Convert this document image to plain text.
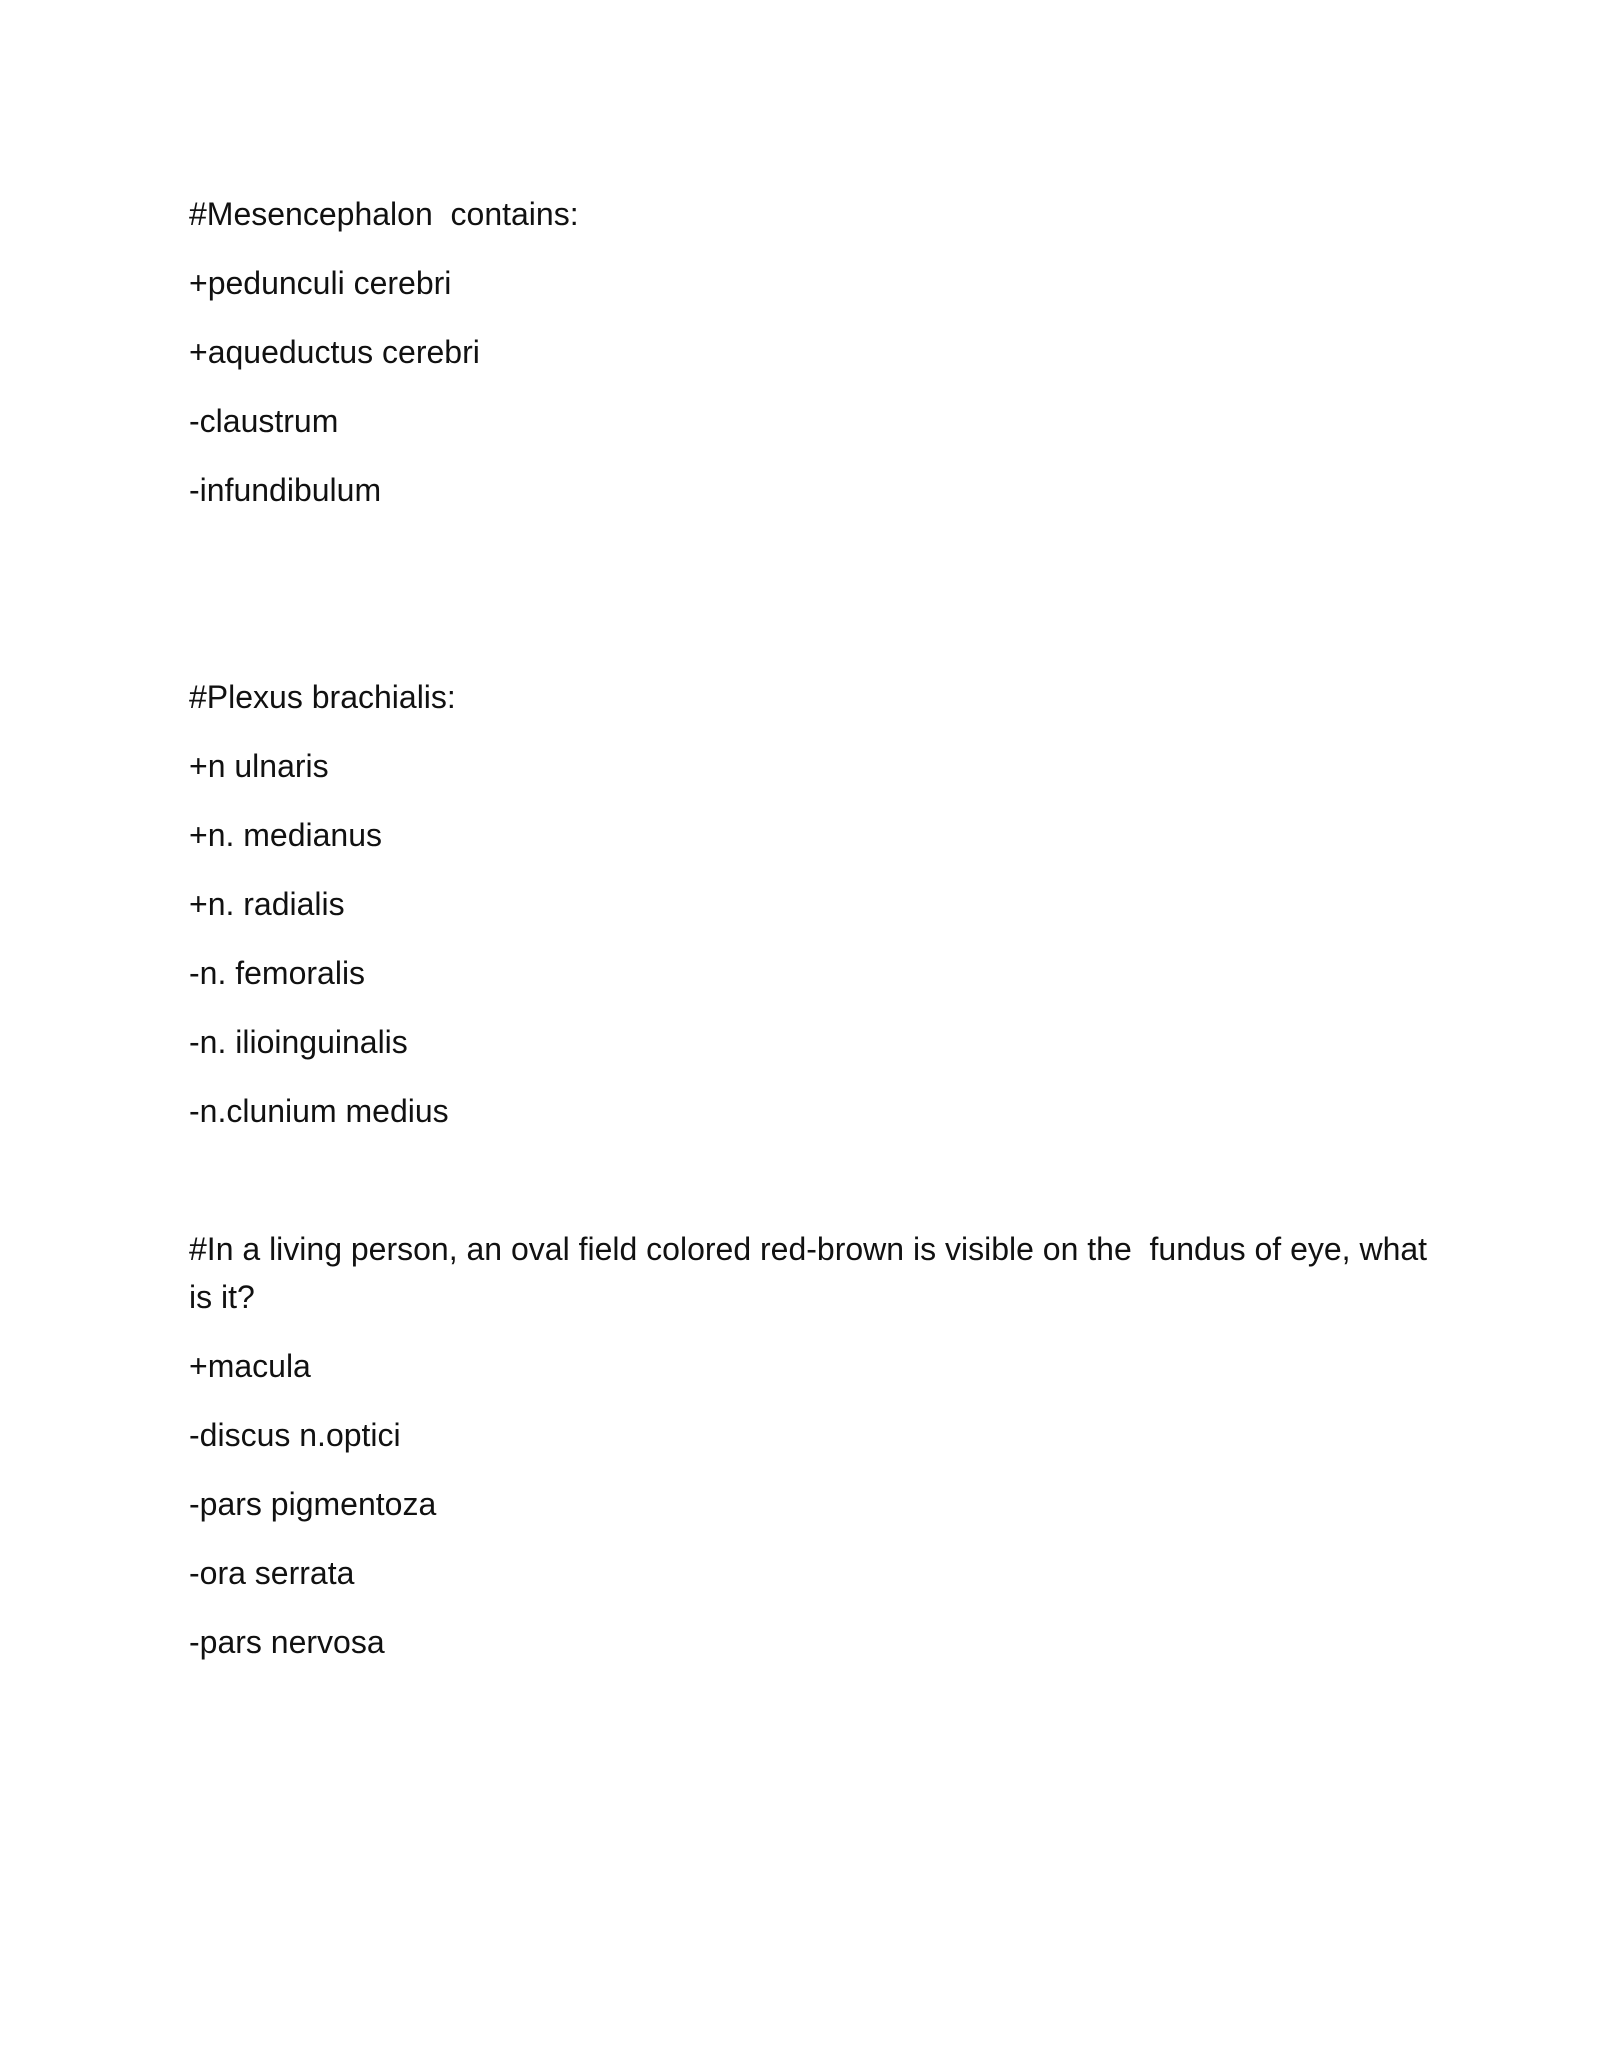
#Mesencephalon  contains:

+pedunculi cerebri

+aqueductus cerebri

-claustrum

-infundibulum

#Plexus brachialis:

+n ulnaris

+n. medianus

+n. radialis

-n. femoralis

-n. ilioinguinalis

-n.clunium medius

#In a living person, an oval field colored red-brown is visible on the  fundus of eye, what is it?

+macula

-discus n.optici

-pars pigmentoza

-ora serrata

-pars nervosa
